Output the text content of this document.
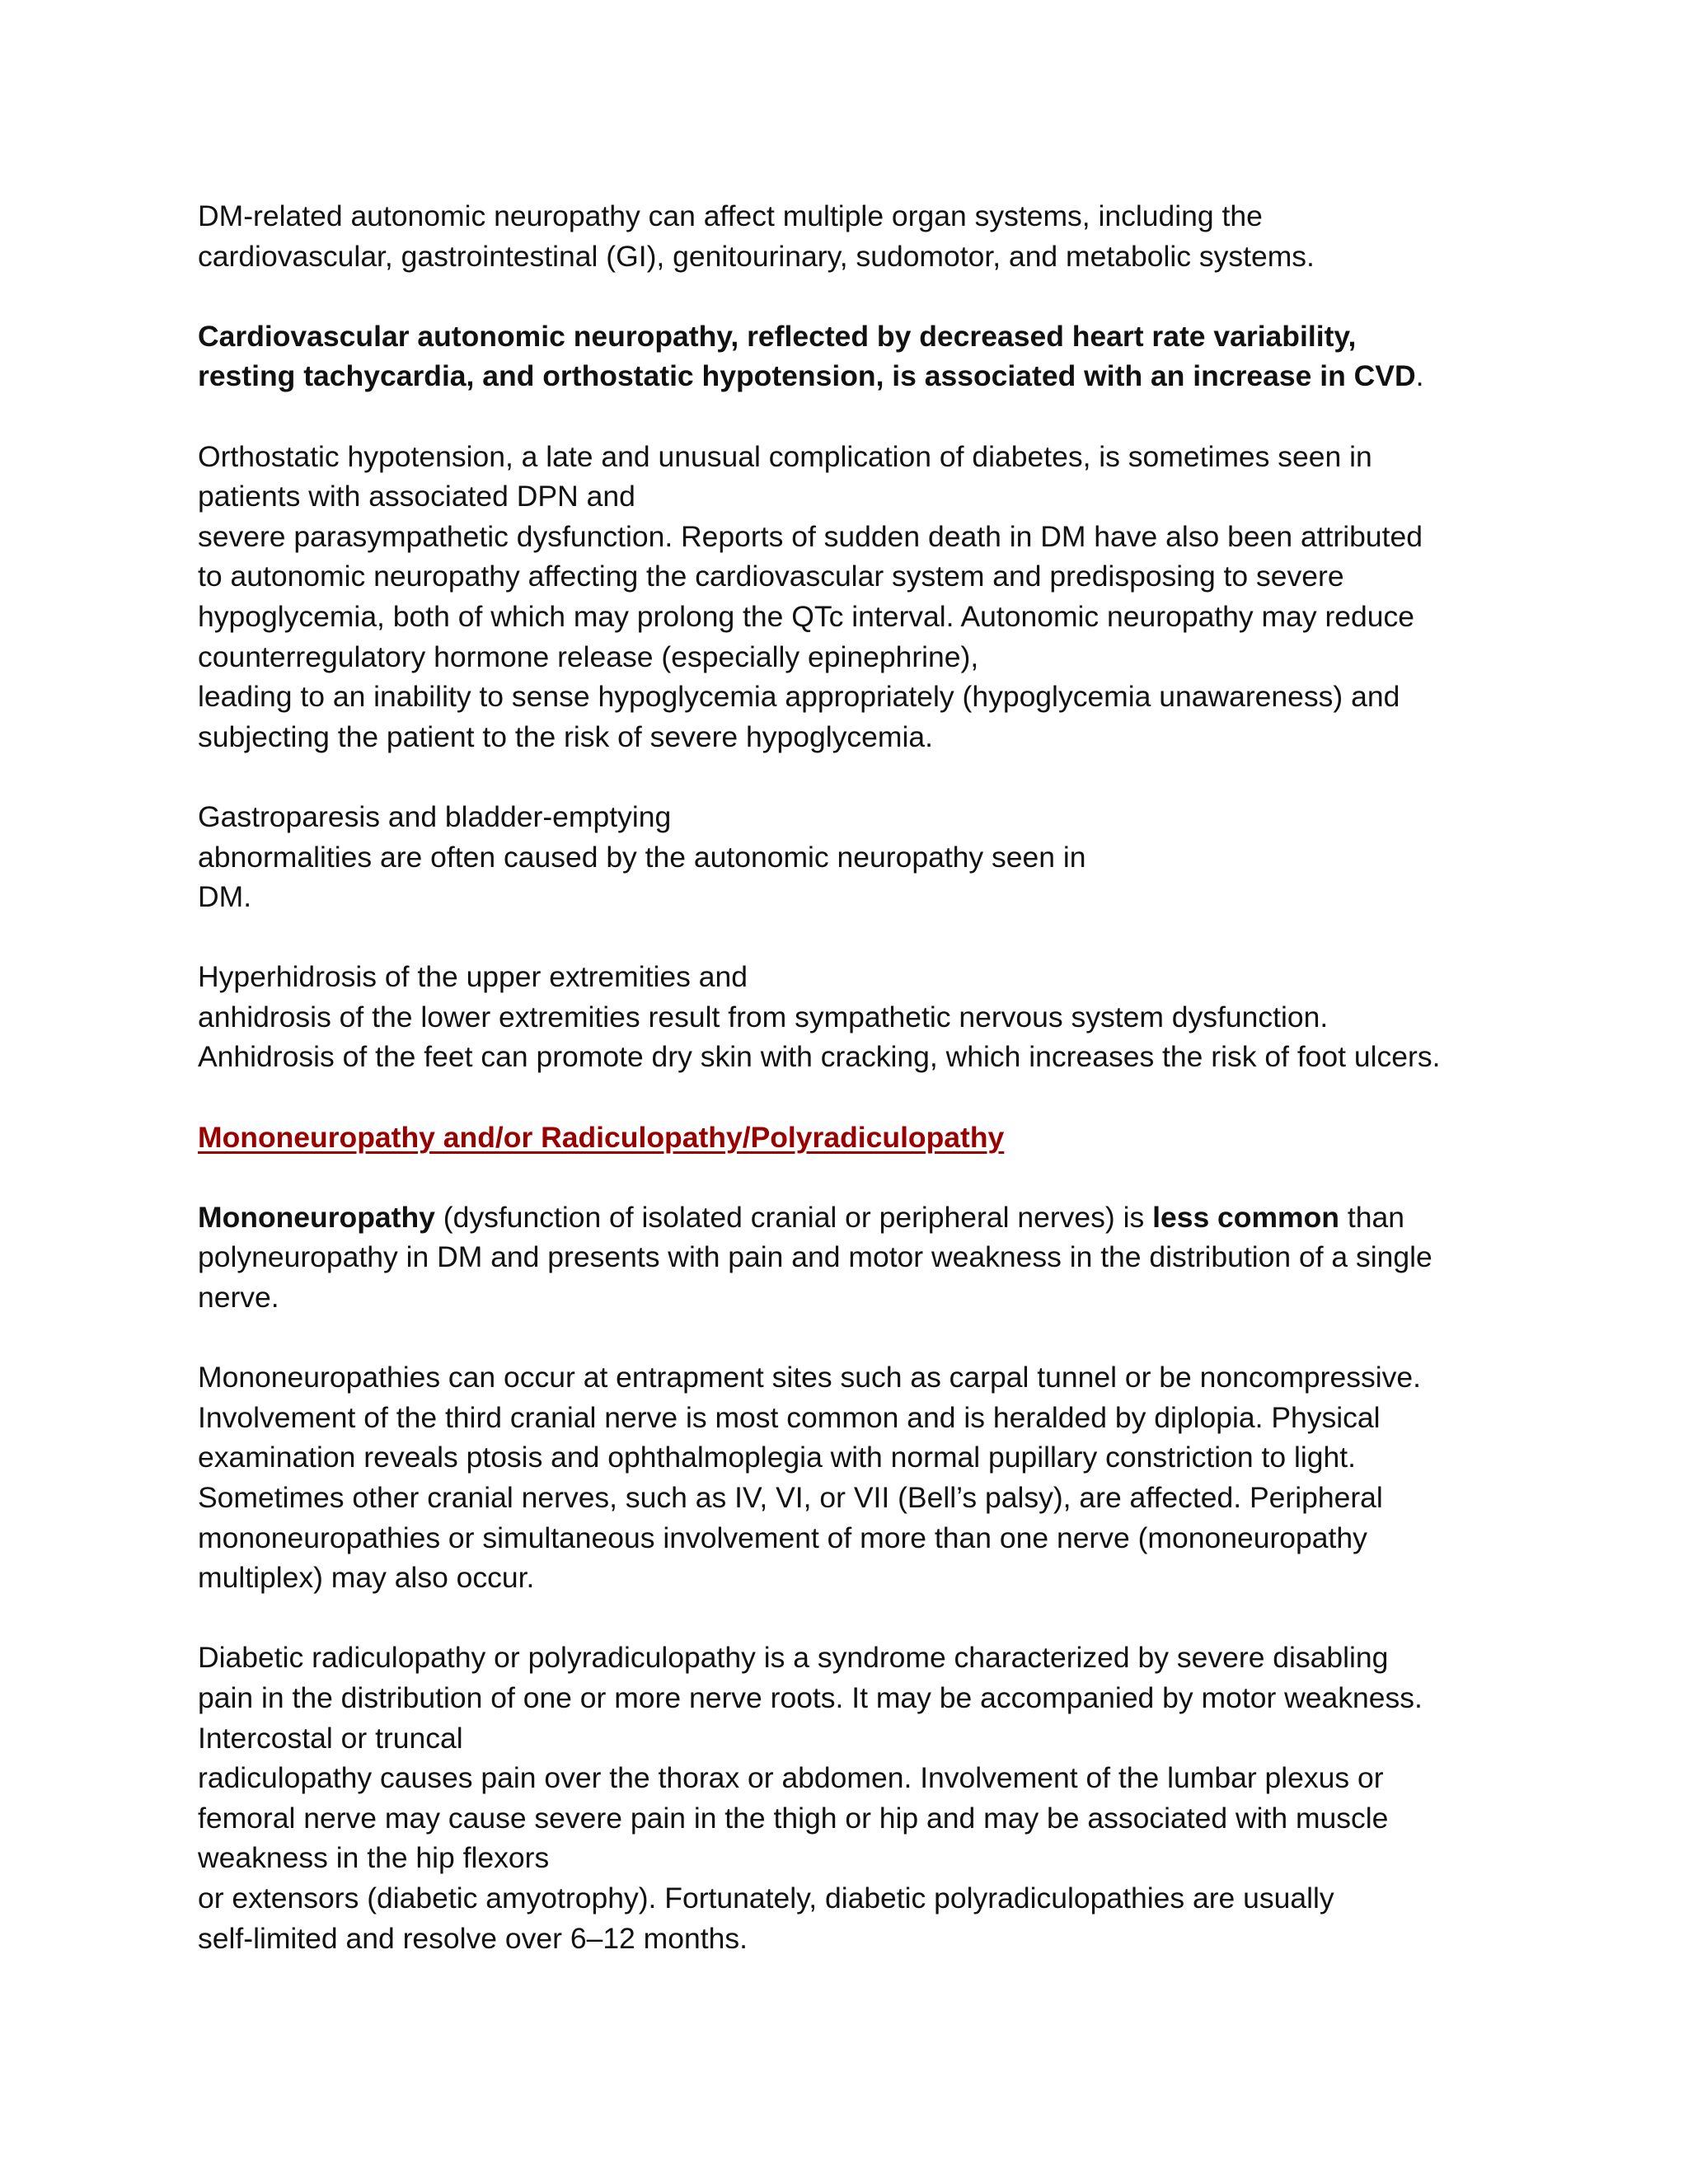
DM-related autonomic neuropathy can affect multiple organ systems, including the
cardiovascular, gastrointestinal (GI), genitourinary, sudomotor, and metabolic systems.

Cardiovascular autonomic neuropathy, reflected by decreased heart rate variability,
resting tachycardia, and orthostatic hypotension, is associated with an increase in CVD.

Orthostatic hypotension, a late and unusual complication of diabetes, is sometimes seen in
patients with associated DPN and
severe parasympathetic dysfunction. Reports of sudden death in DM have also been attributed
to autonomic neuropathy affecting the cardiovascular system and predisposing to severe
hypoglycemia, both of which may prolong the QTc interval. Autonomic neuropathy may reduce
counterregulatory hormone release (especially epinephrine),
leading to an inability to sense hypoglycemia appropriately (hypoglycemia unawareness) and
subjecting the patient to the risk of severe hypoglycemia.

Gastroparesis and bladder-emptying
abnormalities are often caused by the autonomic neuropathy seen in
DM.

Hyperhidrosis of the upper extremities and
anhidrosis of the lower extremities result from sympathetic nervous system dysfunction.
Anhidrosis of the feet can promote dry skin with cracking, which increases the risk of foot ulcers.

Mononeuropathy and/or Radiculopathy/Polyradiculopathy

Mononeuropathy (dysfunction of isolated cranial or peripheral nerves) is less common than
polyneuropathy in DM and presents with pain and motor weakness in the distribution of a single
nerve.

Mononeuropathies can occur at entrapment sites such as carpal tunnel or be noncompressive.
Involvement of the third cranial nerve is most common and is heralded by diplopia. Physical
examination reveals ptosis and ophthalmoplegia with normal pupillary constriction to light.
Sometimes other cranial nerves, such as IV, VI, or VII (Bell’s palsy), are affected. Peripheral
mononeuropathies or simultaneous involvement of more than one nerve (mononeuropathy
multiplex) may also occur.

Diabetic radiculopathy or polyradiculopathy is a syndrome characterized by severe disabling
pain in the distribution of one or more nerve roots. It may be accompanied by motor weakness.
Intercostal or truncal
radiculopathy causes pain over the thorax or abdomen. Involvement of the lumbar plexus or
femoral nerve may cause severe pain in the thigh or hip and may be associated with muscle
weakness in the hip flexors
or extensors (diabetic amyotrophy). Fortunately, diabetic polyradiculopathies are usually
self-limited and resolve over 6–12 months.
